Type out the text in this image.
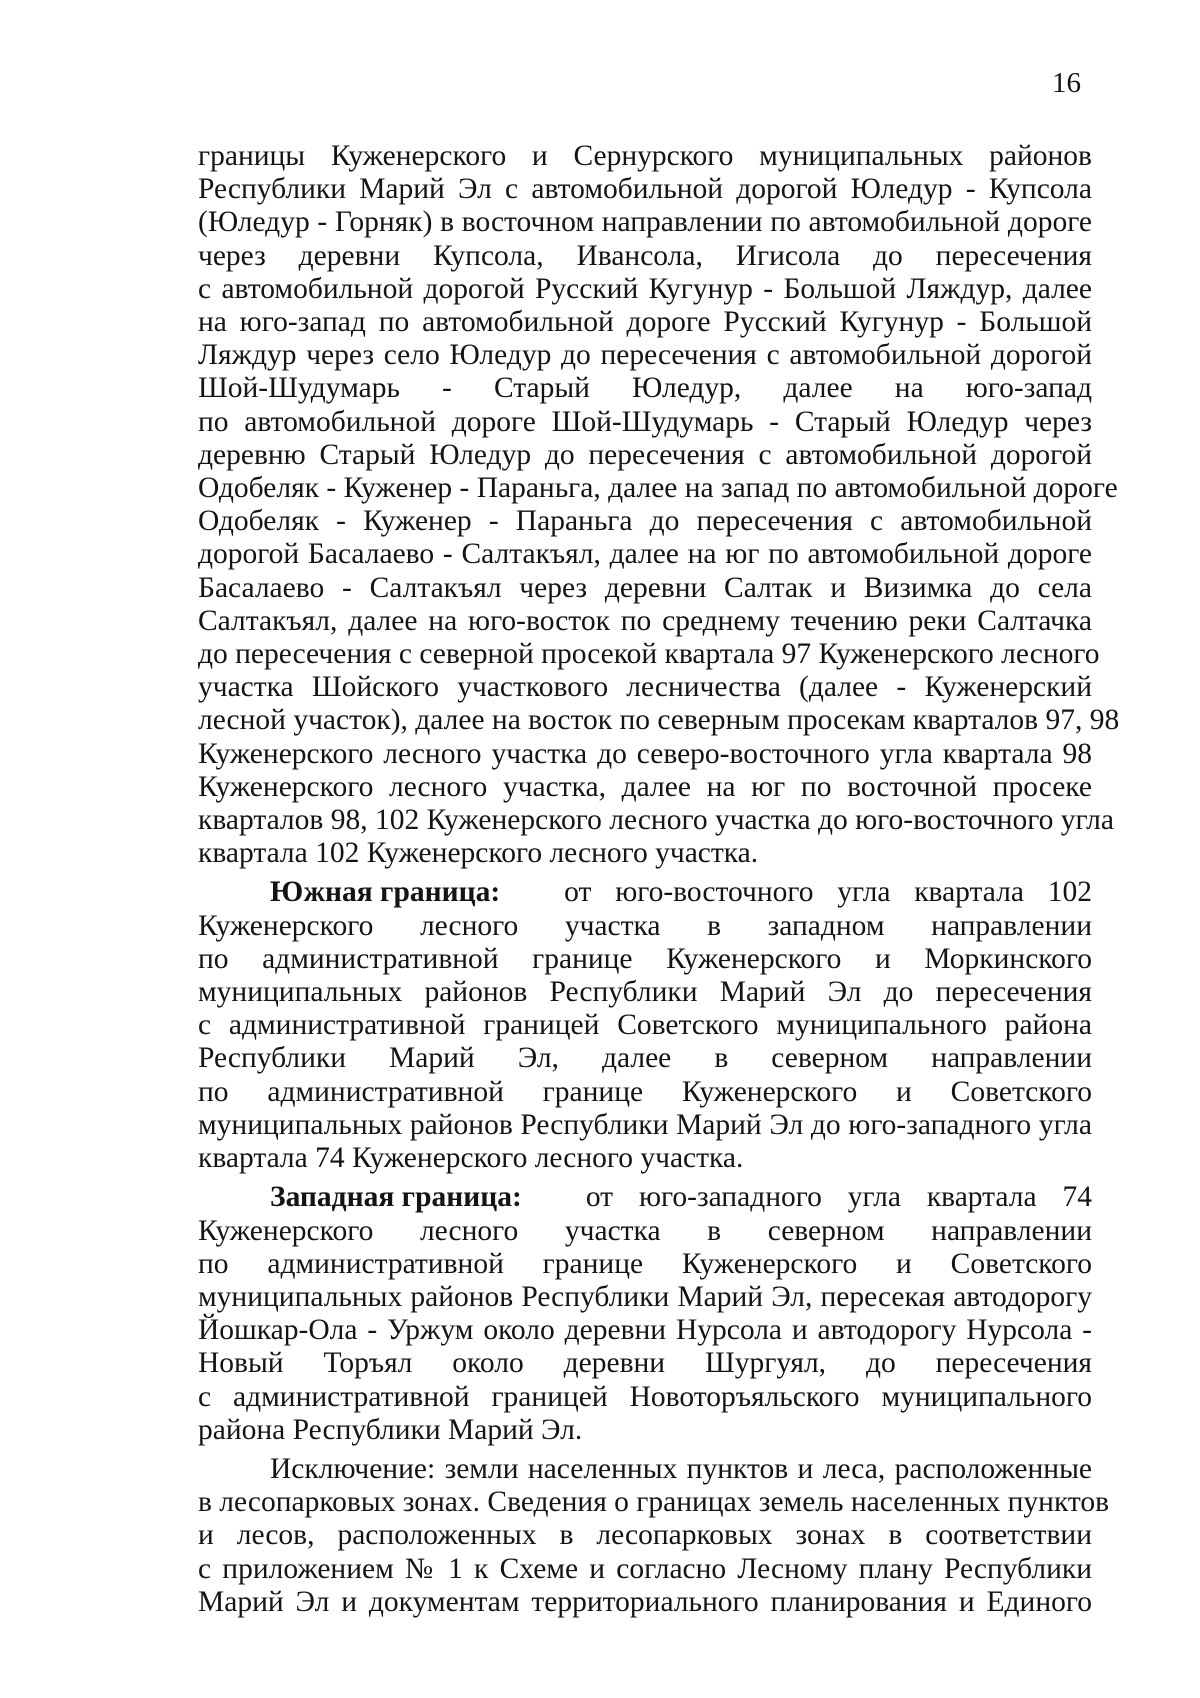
16
границы Куженерского и Сернурского муниципальных районов
Республики Марий Эл с автомобильной дорогой Юледур - Купсола
(Юледур - Горняк) в восточном направлении по автомобильной дороге
через деревни Купсола, Ивансола, Игисола до пересечения
с автомобильной дорогой Русский Кугунур - Большой Ляждур, далее
на юго-запад по автомобильной дороге Русский Кугунур - Большой
Ляждур через село Юледур до пересечения с автомобильной дорогой
Шой-Шудумарь - Старый Юледур, далее на юго-запад
по автомобильной дороге Шой-Шудумарь - Старый Юледур через
деревню Старый Юледур до пересечения с автомобильной дорогой
Одобеляк - Куженер - Параньга, далее на запад по автомобильной дороге
Одобеляк - Куженер - Параньга до пересечения с автомобильной
дорогой Басалаево - Салтакъял, далее на юг по автомобильной дороге
Басалаево - Салтакъял через деревни Салтак и Визимка до села
Салтакъял, далее на юго-восток по среднему течению реки Салтачка
до пересечения с северной просекой квартала 97 Куженерского лесного
участка Шойского участкового лесничества (далее - Куженерский
лесной участок), далее на восток по северным просекам кварталов 97, 98
Куженерского лесного участка до северо-восточного угла квартала 98
Куженерского лесного участка, далее на юг по восточной просеке
кварталов 98, 102 Куженерского лесного участка до юго-восточного угла
квартала 102 Куженерского лесного участка.
Южная граница: от юго-восточного угла квартала 102
Куженерского лесного участка в западном направлении
по административной границе Куженерского и Моркинского
муниципальных районов Республики Марий Эл до пересечения
с административной границей Советского муниципального района
Республики Марий Эл, далее в северном направлении
по административной границе Куженерского и Советского
муниципальных районов Республики Марий Эл до юго-западного угла
квартала 74 Куженерского лесного участка.
Западная граница: от юго-западного угла квартала 74
Куженерского лесного участка в северном направлении
по административной границе Куженерского и Советского
муниципальных районов Республики Марий Эл, пересекая автодорогу
Йошкар-Ола - Уржум около деревни Нурсола и автодорогу Нурсола -
Новый Торъял около деревни Шургуял, до пересечения
с административной границей Новоторъяльского муниципального
района Республики Марий Эл.
Исключение: земли населенных пунктов и леса, расположенные
в лесопарковых зонах. Сведения о границах земель населенных пунктов
и лесов, расположенных в лесопарковых зонах в соответствии
с приложением № 1 к Схеме и согласно Лесному плану Республики
Марий Эл и документам территориального планирования и Единого
